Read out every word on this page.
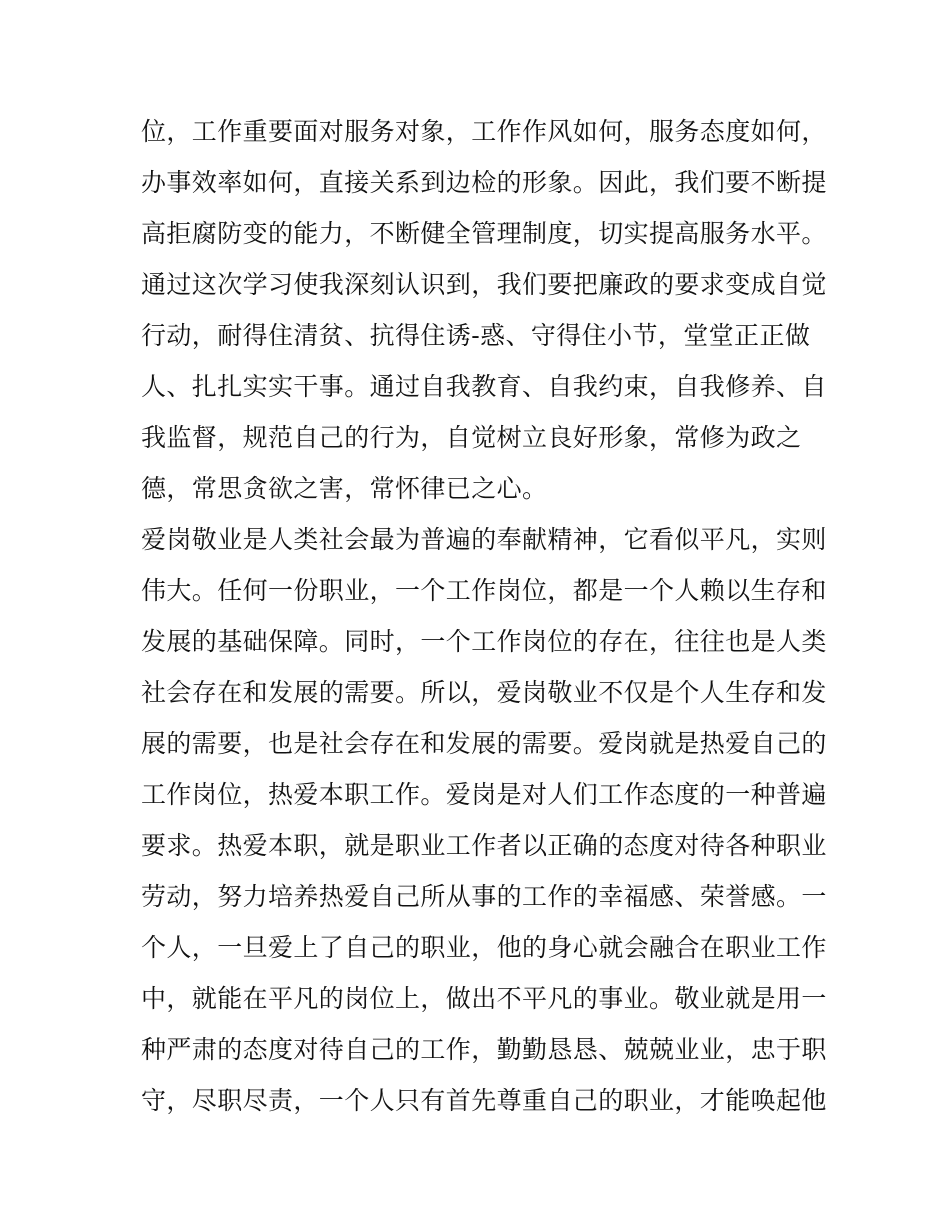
位，工作重要面对服务对象，工作作风如何，服务态度如何，
办事效率如何，直接关系到边检的形象。因此，我们要不断提
高拒腐防变的能力，不断健全管理制度，切实提高服务水平。
通过这次学习使我深刻认识到，我们要把廉政的要求变成自觉
行动，耐得住清贫、抗得住诱-惑、守得住小节，堂堂正正做
人、扎扎实实干事。通过自我教育、自我约束，自我修养、自
我监督，规范自己的行为，自觉树立良好形象，常修为政之
德，常思贪欲之害，常怀律已之心。
爱岗敬业是人类社会最为普遍的奉献精神，它看似平凡，实则
伟大。任何一份职业，一个工作岗位，都是一个人赖以生存和
发展的基础保障。同时，一个工作岗位的存在，往往也是人类
社会存在和发展的需要。所以，爱岗敬业不仅是个人生存和发
展的需要，也是社会存在和发展的需要。爱岗就是热爱自己的
工作岗位，热爱本职工作。爱岗是对人们工作态度的一种普遍
要求。热爱本职，就是职业工作者以正确的态度对待各种职业
劳动，努力培养热爱自己所从事的工作的幸福感、荣誉感。一
个人，一旦爱上了自己的职业，他的身心就会融合在职业工作
中，就能在平凡的岗位上，做出不平凡的事业。敬业就是用一
种严肃的态度对待自己的工作，勤勤恳恳、兢兢业业，忠于职
守，尽职尽责，一个人只有首先尊重自己的职业，才能唤起他
